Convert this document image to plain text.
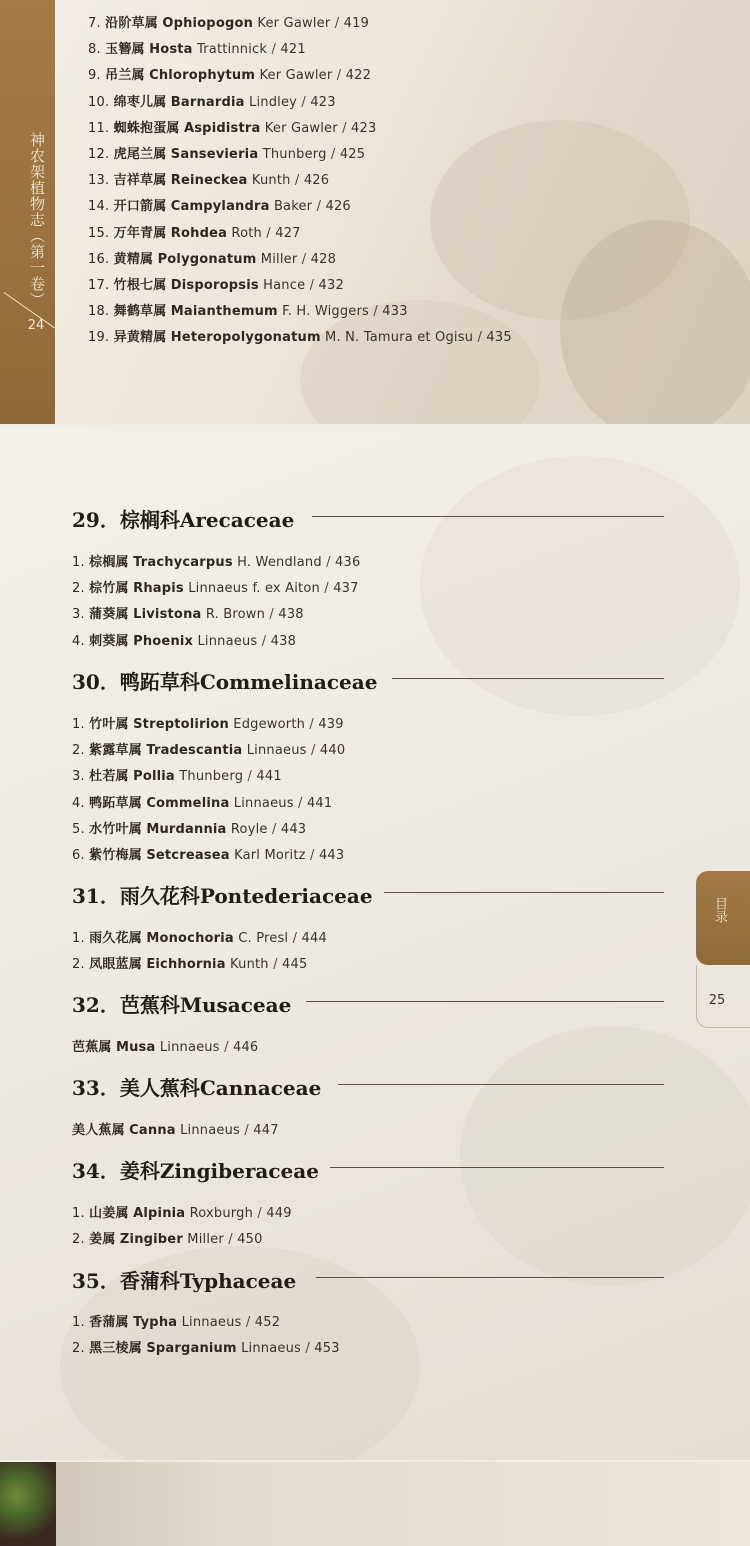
神农架植物志（第一卷）
24
7. 沿阶草属 Ophiopogon Ker Gawler / 419
8. 玉簪属 Hosta Trattinnick / 421
9. 吊兰属 Chlorophytum Ker Gawler / 422
10. 绵枣儿属 Barnardia Lindley / 423
11. 蜘蛛抱蛋属 Aspidistra Ker Gawler / 423
12. 虎尾兰属 Sansevieria Thunberg / 425
13. 吉祥草属 Reineckea Kunth / 426
14. 开口箭属 Campylandra Baker / 426
15. 万年青属 Rohdea Roth / 427
16. 黄精属 Polygonatum Miller / 428
17. 竹根七属 Disporopsis Hance / 432
18. 舞鹤草属 Maianthemum F. H. Wiggers / 433
19. 异黄精属 Heteropolygonatum M. N. Tamura et Ogisu / 435
29．棕榈科Arecaceae
1. 棕榈属 Trachycarpus H. Wendland / 436
2. 棕竹属 Rhapis Linnaeus f. ex Aiton / 437
3. 蒲葵属 Livistona R. Brown / 438
4. 刺葵属 Phoenix Linnaeus / 438
30．鸭跖草科Commelinaceae
1. 竹叶属 Streptolirion Edgeworth / 439
2. 紫露草属 Tradescantia Linnaeus / 440
3. 杜若属 Pollia Thunberg / 441
4. 鸭跖草属 Commelina Linnaeus / 441
5. 水竹叶属 Murdannia Royle / 443
6. 紫竹梅属 Setcreasea Karl Moritz / 443
31．雨久花科Pontederiaceae
1. 雨久花属 Monochoria C. Presl / 444
2. 凤眼蓝属 Eichhornia Kunth / 445
32．芭蕉科Musaceae
芭蕉属 Musa Linnaeus / 446
33．美人蕉科Cannaceae
美人蕉属 Canna Linnaeus / 447
34．姜科Zingiberaceae
1. 山姜属 Alpinia Roxburgh / 449
2. 姜属 Zingiber Miller / 450
35．香蒲科Typhaceae
1. 香蒲属 Typha Linnaeus / 452
2. 黑三棱属 Sparganium Linnaeus / 453
目录
25
